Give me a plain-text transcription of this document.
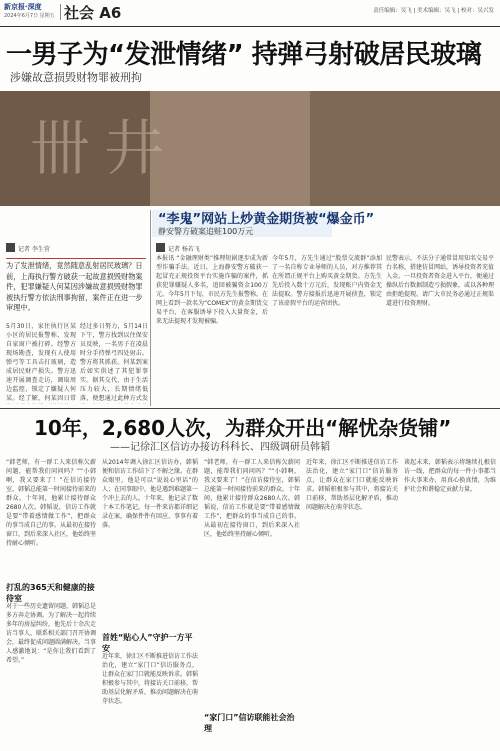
新京报·深度
2024年6月7日 星期五 社会 A6	责任编辑：吴飞 | 美术编辑：吴飞 | 校对：吴兴发
一男子为“发泄情绪” 持弹弓射破居民玻璃
涉嫌故意损毁财物罪被刑拘
卌井
“李鬼”网站上炒黄金期货被“爆金币”
静安警方破案追赃100万元
记者 李生营	记者 杨若飞
为了发泄情绪，竟然随意乱射居民玻璃？日前，上海执行警方破获一起故意损毁财物案件，犯罪嫌疑人何某因涉嫌故意损毁财物罪被执行警方依法刑事拘留，案件正在进一步审理中。
5月30日，家住执行区某小区的居民报警称，发现自家窗户被打碎。经警方现场勘查，发现有人使用弹弓等工具击打玻璃，造成居民财产损失。警方迅速开展调查走访，调取周边监控，锁定了嫌疑人何某。经了解，何某因日常
经过多日努力，5月14日下午，警方找到以住保安员反映，一名男子在凌晨时分手持弹弓四处射击。警方将其抓获。何某到案后如实供述了其犯罪事实。据其交代，由于生活压力较大，长期情绪低落，便想通过此种方式发
本报讯 “金融理财类”推理短剧逐步成为新型诈骗手法。近日，上海静安警方破获一起冒充正规投资平台实施诈骗的案件，抓获犯罪嫌疑人多名，追回被骗资金100万元。今年5月下旬，市民方先生报警称，在网上看到一款名为“COMEX”的黄金期货交易平台，在客服诱导下投入大量资金，后来无法提现才发现被骗。
今年5月，方先生通过“股票交流群”添加了一名自称专业导师的人员，对方推荐其在所谓正规平台上购买黄金期货。方先生先后投入数十万元后，发现账户内资金无法提取。警方接报后迅速开展侦查，锁定了该虚假平台的运营团伙。
民警表示，不法分子通常冒用知名交易平台名称，搭建仿冒网站，诱导投资者充值入金。一旦投资者资金进入平台，便通过操纵后台数据制造亏损假象，或以各种理由拒绝提现。请广大市民务必通过正规渠道进行投资理财。
10年，2,680人次，为群众开出“解忧杂货铺”
——记徐汇区信访办接访科科长、四级调研员韩韬
“韩老师，有一群工人来信称欠薪问题，能帮我们问问吗？”“小韩啊，我又要来了！”在信访接待室，韩韬总能第一时间接待前来的群众。十年间，他累计接待群众2680人次。韩韬说，信访工作就是要“带着感情做工作”，把群众的事当成自己的事。从最初在接待窗口，到后来深入社区，他始终坚持耐心倾听。
打乱的365天和健康的接待室
对于一些历史遗留问题，韩韬总是多方奔走协调。为了解决一起持续多年的房屋纠纷，他先后十余次走访当事人，联系相关部门召开协调会，最终促成问题圆满解决。当事人感激地说：“是你让我们看到了希望。”
从2014年调入徐汇区信访办，韩韬便和信访工作结下了不解之缘。在群众眼里，他是可以“说说心里话”的人；在同事眼中，他是遇到难题第一个冲上去的人。十年来，他记录了数十本工作笔记，每一件来访都详细记录在案，确保件件有回应、事事有着落。
首姓“贴心人”守护一方平安
近年来，徐汇区不断推进信访工作法治化，建立“家门口”信访服务点，让群众在家门口就能反映诉求。韩韬积极参与其中，将接访关口前移，帮助基层化解矛盾，推动问题解决在萌芽状态。
“韩老师，有一群工人来信称欠薪问题，能帮我们问问吗？”“小韩啊，我又要来了！”在信访接待室，韩韬总能第一时间接待前来的群众。十年间，他累计接待群众2680人次。韩韬说，信访工作就是要“带着感情做工作”，把群众的事当成自己的事。从最初在接待窗口，到后来深入社区，他始终坚持耐心倾听。
“家门口”信访联能社会治理
近年来，徐汇区不断推进信访工作法治化，建立“家门口”信访服务点，让群众在家门口就能反映诉求。韩韬积极参与其中，将接访关口前移，帮助基层化解矛盾，推动问题解决在萌芽状态。
谈起未来，韩韬表示将继续扎根信访一线，把群众的每一件小事都当作大事来办，用真心换真情，为维护社会和谐稳定贡献力量。
